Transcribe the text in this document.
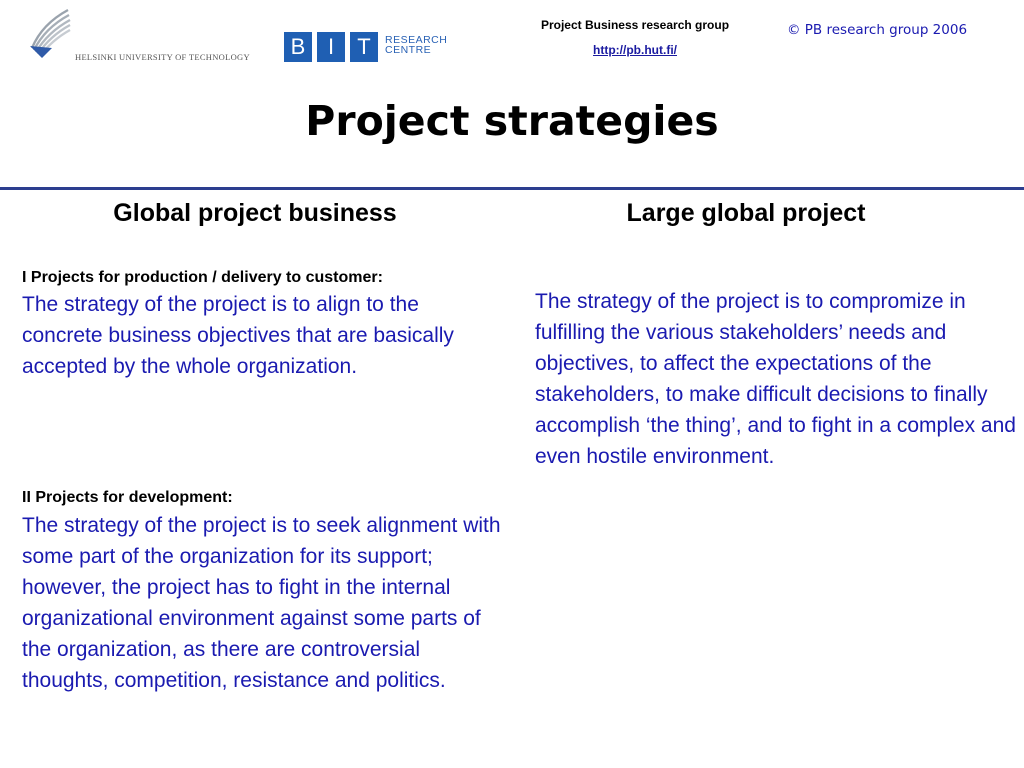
HELSINKI UNIVERSITY OF TECHNOLOGY	B	I	T	RESEARCH
CENTRE
Project Business research group
http://pb.hut.fi/
© PB research group 2006
Project strategies
Global project business	Large global project
I Projects for production / delivery to customer:
The strategy of the project is to align to the concrete business objectives that are basically accepted by the whole organization.
II Projects for development:
The strategy of the project is to seek alignment with some part of the organization for its support; however, the project has to fight in the internal organizational environment against some parts of the organization, as there are controversial thoughts, competition, resistance and politics.
The strategy of the project is to compromize in fulfilling the various stakeholders’ needs and objectives, to affect the expectations of the stakeholders, to make difficult decisions to finally accomplish ‘the thing’, and to fight in a complex and even hostile environment.
